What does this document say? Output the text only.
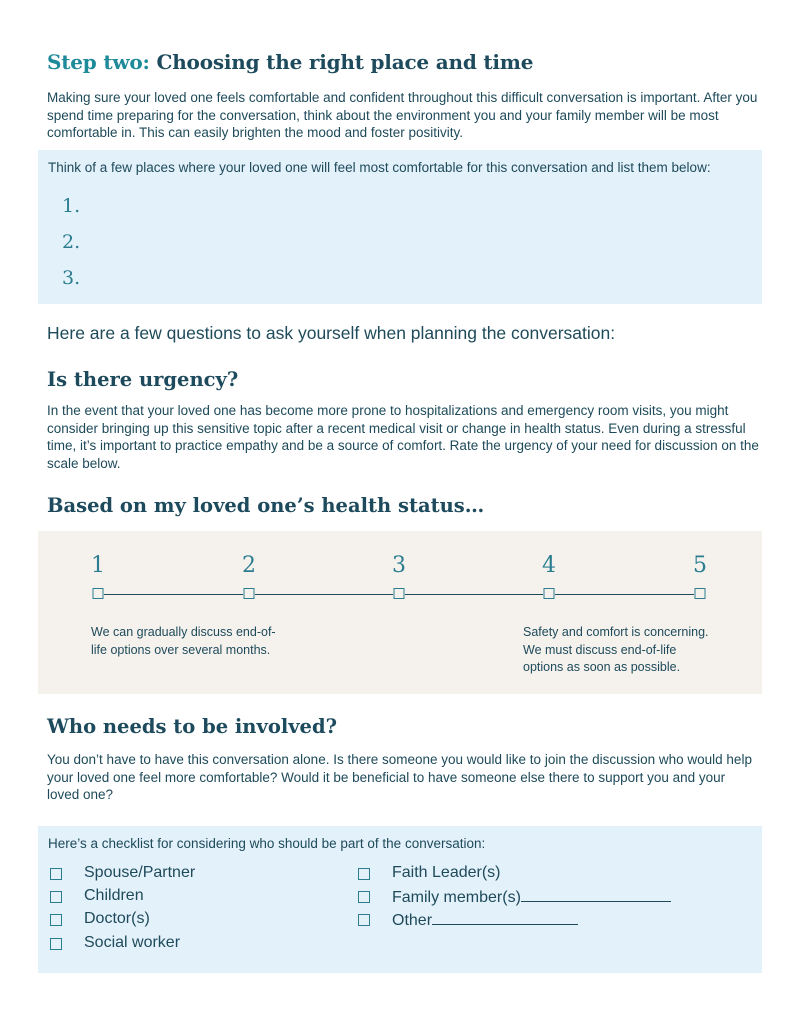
Step two: Choosing the right place and time

Making sure your loved one feels comfortable and confident throughout this difficult conversation is important. After you spend time preparing for the conversation, think about the environment you and your family member will be most comfortable in. This can easily brighten the mood and foster positivity.

Think of a few places where your loved one will feel most comfortable for this conversation and list them below:

1.
2.
3.

Here are a few questions to ask yourself when planning the conversation:

Is there urgency?

In the event that your loved one has become more prone to hospitalizations and emergency room visits, you might consider bringing up this sensitive topic after a recent medical visit or change in health status. Even during a stressful time, it’s important to practice empathy and be a source of comfort. Rate the urgency of your need for discussion on the scale below.

Based on my loved one’s health status…
1	2	3	4	5

We can gradually discuss end-of-life options over several months.

Safety and comfort is concerning. We must discuss end-of-life options as soon as possible.

Who needs to be involved?

You don’t have to have this conversation alone. Is there someone you would like to join the discussion who would help your loved one feel more comfortable? Would it be beneficial to have someone else there to support you and your loved one?

Here’s a checklist for considering who should be part of the conversation:

Spouse/Partner
Children
Doctor(s)
Social worker
Faith Leader(s)
Family member(s)
Other
